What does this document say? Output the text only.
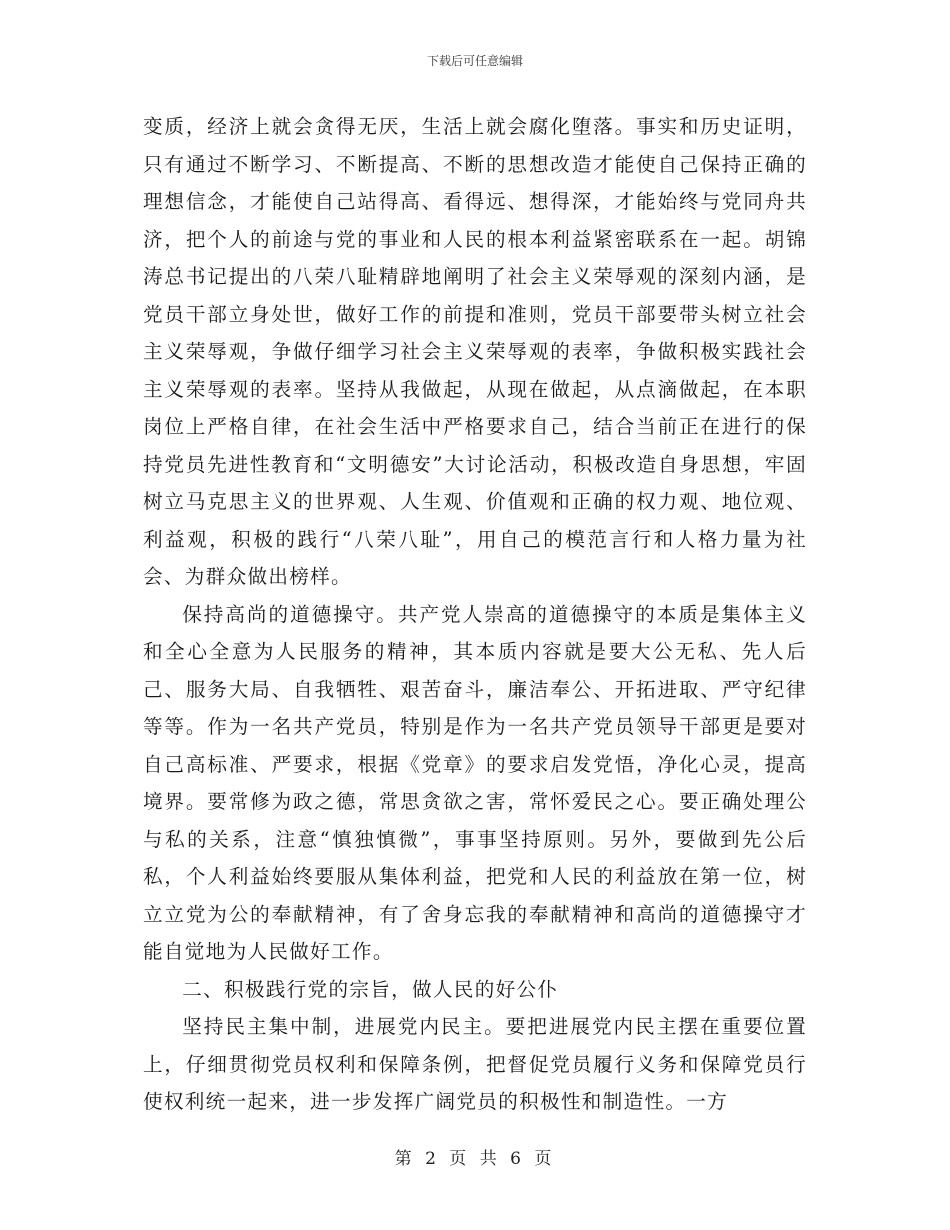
下载后可任意编辑

变质，经济上就会贪得无厌，生活上就会腐化堕落。事实和历史证明，只有通过不断学习、不断提高、不断的思想改造才能使自己保持正确的理想信念，才能使自己站得高、看得远、想得深，才能始终与党同舟共济，把个人的前途与党的事业和人民的根本利益紧密联系在一起。胡锦涛总书记提出的八荣八耻精辟地阐明了社会主义荣辱观的深刻内涵，是党员干部立身处世，做好工作的前提和准则，党员干部要带头树立社会主义荣辱观，争做仔细学习社会主义荣辱观的表率，争做积极实践社会主义荣辱观的表率。坚持从我做起，从现在做起，从点滴做起，在本职岗位上严格自律，在社会生活中严格要求自己，结合当前正在进行的保持党员先进性教育和“文明德安”大讨论活动，积极改造自身思想，牢固树立马克思主义的世界观、人生观、价值观和正确的权力观、地位观、利益观，积极的践行“八荣八耻”，用自己的模范言行和人格力量为社会、为群众做出榜样。

保持高尚的道德操守。共产党人崇高的道德操守的本质是集体主义和全心全意为人民服务的精神，其本质内容就是要大公无私、先人后己、服务大局、自我牺牲、艰苦奋斗，廉洁奉公、开拓进取、严守纪律等等。作为一名共产党员，特别是作为一名共产党员领导干部更是要对自己高标准、严要求，根据《党章》的要求启发党悟，净化心灵，提高境界。要常修为政之德，常思贪欲之害，常怀爱民之心。要正确处理公与私的关系，注意“慎独慎微”，事事坚持原则。另外，要做到先公后私，个人利益始终要服从集体利益，把党和人民的利益放在第一位，树立立党为公的奉献精神，有了舍身忘我的奉献精神和高尚的道德操守才能自觉地为人民做好工作。

二、积极践行党的宗旨，做人民的好公仆

坚持民主集中制，进展党内民主。要把进展党内民主摆在重要位置上，仔细贯彻党员权利和保障条例，把督促党员履行义务和保障党员行使权利统一起来，进一步发挥广阔党员的积极性和制造性。一方

第 2 页 共 6 页
